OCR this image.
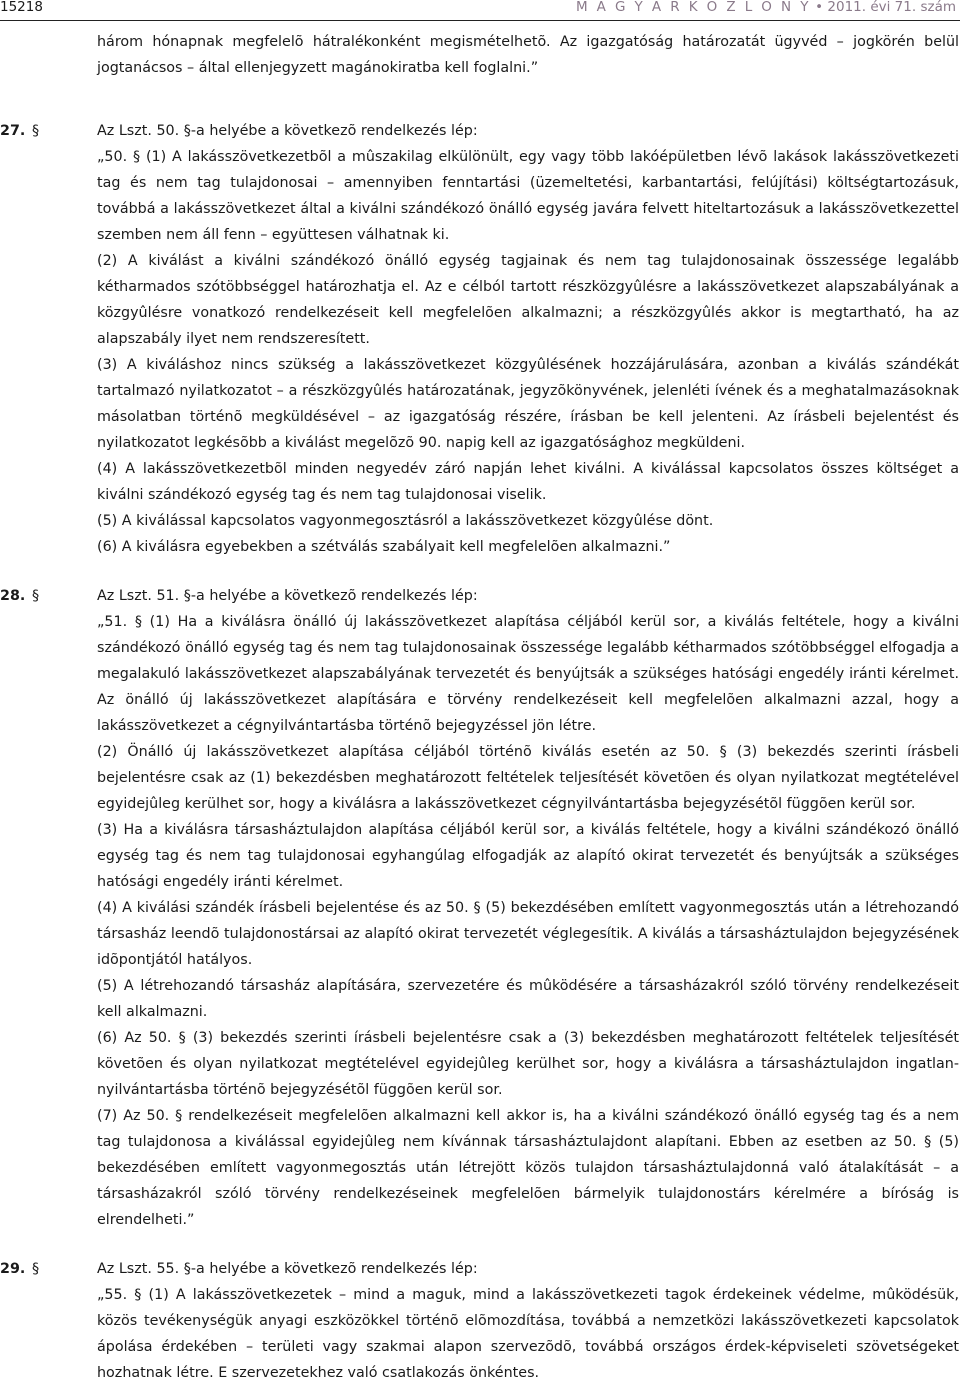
15218	M A G Y A R K Ö Z L Ö N Y • 2011. évi 71. szám

három hónapnak megfelelõ hátralékonként megismételhetõ. Az igazgatóság határozatát ügyvéd – jogkörén belül jogtanácsos – által ellenjegyzett magánokiratba kell foglalni.”

27. §	Az Lszt. 50. §-a helyébe a következõ rendelkezés lép:

„50. § (1) A lakásszövetkezetbõl a mûszakilag elkülönült, egy vagy több lakóépületben lévõ lakások lakásszövetkezeti tag és nem tag tulajdonosai – amennyiben fenntartási (üzemeltetési, karbantartási, felújítási) költségtartozásuk, továbbá a lakásszövetkezet által a kiválni szándékozó önálló egység javára felvett hiteltartozásuk a lakásszövetkezettel szemben nem áll fenn – együttesen válhatnak ki.

(2) A kiválást a kiválni szándékozó önálló egység tagjainak és nem tag tulajdonosainak összessége legalább kétharmados szótöbbséggel határozhatja el. Az e célból tartott részközgyûlésre a lakásszövetkezet alapszabályának a közgyûlésre vonatkozó rendelkezéseit kell megfelelõen alkalmazni; a részközgyûlés akkor is megtartható, ha az alapszabály ilyet nem rendszeresített.

(3) A kiváláshoz nincs szükség a lakásszövetkezet közgyûlésének hozzájárulására, azonban a kiválás szándékát tartalmazó nyilatkozatot – a részközgyûlés határozatának, jegyzõkönyvének, jelenléti ívének és a meghatalmazásoknak másolatban történõ megküldésével – az igazgatóság részére, írásban be kell jelenteni. Az írásbeli bejelentést és nyilatkozatot legkésõbb a kiválást megelõzõ 90. napig kell az igazgatósághoz megküldeni.

(4) A lakásszövetkezetbõl minden negyedév záró napján lehet kiválni. A kiválással kapcsolatos összes költséget a kiválni szándékozó egység tag és nem tag tulajdonosai viselik.

(5) A kiválással kapcsolatos vagyonmegosztásról a lakásszövetkezet közgyûlése dönt.

(6) A kiválásra egyebekben a szétválás szabályait kell megfelelõen alkalmazni.”

28. §	Az Lszt. 51. §-a helyébe a következõ rendelkezés lép:

„51. § (1) Ha a kiválásra önálló új lakásszövetkezet alapítása céljából kerül sor, a kiválás feltétele, hogy a kiválni szándékozó önálló egység tag és nem tag tulajdonosainak összessége legalább kétharmados szótöbbséggel elfogadja a megalakuló lakásszövetkezet alapszabályának tervezetét és benyújtsák a szükséges hatósági engedély iránti kérelmet. Az önálló új lakásszövetkezet alapítására e törvény rendelkezéseit kell megfelelõen alkalmazni azzal, hogy a lakásszövetkezet a cégnyilvántartásba történõ bejegyzéssel jön létre.

(2) Önálló új lakásszövetkezet alapítása céljából történõ kiválás esetén az 50. § (3) bekezdés szerinti írásbeli bejelentésre csak az (1) bekezdésben meghatározott feltételek teljesítését követõen és olyan nyilatkozat megtételével egyidejûleg kerülhet sor, hogy a kiválásra a lakásszövetkezet cégnyilvántartásba bejegyzésétõl függõen kerül sor.

(3) Ha a kiválásra társasháztulajdon alapítása céljából kerül sor, a kiválás feltétele, hogy a kiválni szándékozó önálló egység tag és nem tag tulajdonosai egyhangúlag elfogadják az alapító okirat tervezetét és benyújtsák a szükséges hatósági engedély iránti kérelmet.

(4) A kiválási szándék írásbeli bejelentése és az 50. § (5) bekezdésében említett vagyonmegosztás után a létrehozandó társasház leendõ tulajdonostársai az alapító okirat tervezetét véglegesítik. A kiválás a társasháztulajdon bejegyzésének idõpontjától hatályos.

(5) A létrehozandó társasház alapítására, szervezetére és mûködésére a társasházakról szóló törvény rendelkezéseit kell alkalmazni.

(6) Az 50. § (3) bekezdés szerinti írásbeli bejelentésre csak a (3) bekezdésben meghatározott feltételek teljesítését követõen és olyan nyilatkozat megtételével egyidejûleg kerülhet sor, hogy a kiválásra a társasháztulajdon ingatlan-nyilvántartásba történõ bejegyzésétõl függõen kerül sor.

(7) Az 50. § rendelkezéseit megfelelõen alkalmazni kell akkor is, ha a kiválni szándékozó önálló egység tag és a nem tag tulajdonosa a kiválással egyidejûleg nem kívánnak társasháztulajdont alapítani. Ebben az esetben az 50. § (5) bekezdésében említett vagyonmegosztás után létrejött közös tulajdon társasháztulajdonná való átalakítását – a társasházakról szóló törvény rendelkezéseinek megfelelõen bármelyik tulajdonostárs kérelmére a bíróság is elrendelheti.”

29. §	Az Lszt. 55. §-a helyébe a következõ rendelkezés lép:

„55. § (1) A lakásszövetkezetek – mind a maguk, mind a lakásszövetkezeti tagok érdekeinek védelme, mûködésük, közös tevékenységük anyagi eszközökkel történõ elõmozdítása, továbbá a nemzetközi lakásszövetkezeti kapcsolatok ápolása érdekében – területi vagy szakmai alapon szervezõdõ, továbbá országos érdek-képviseleti szövetségeket hozhatnak létre. E szervezetekhez való csatlakozás önkéntes.
